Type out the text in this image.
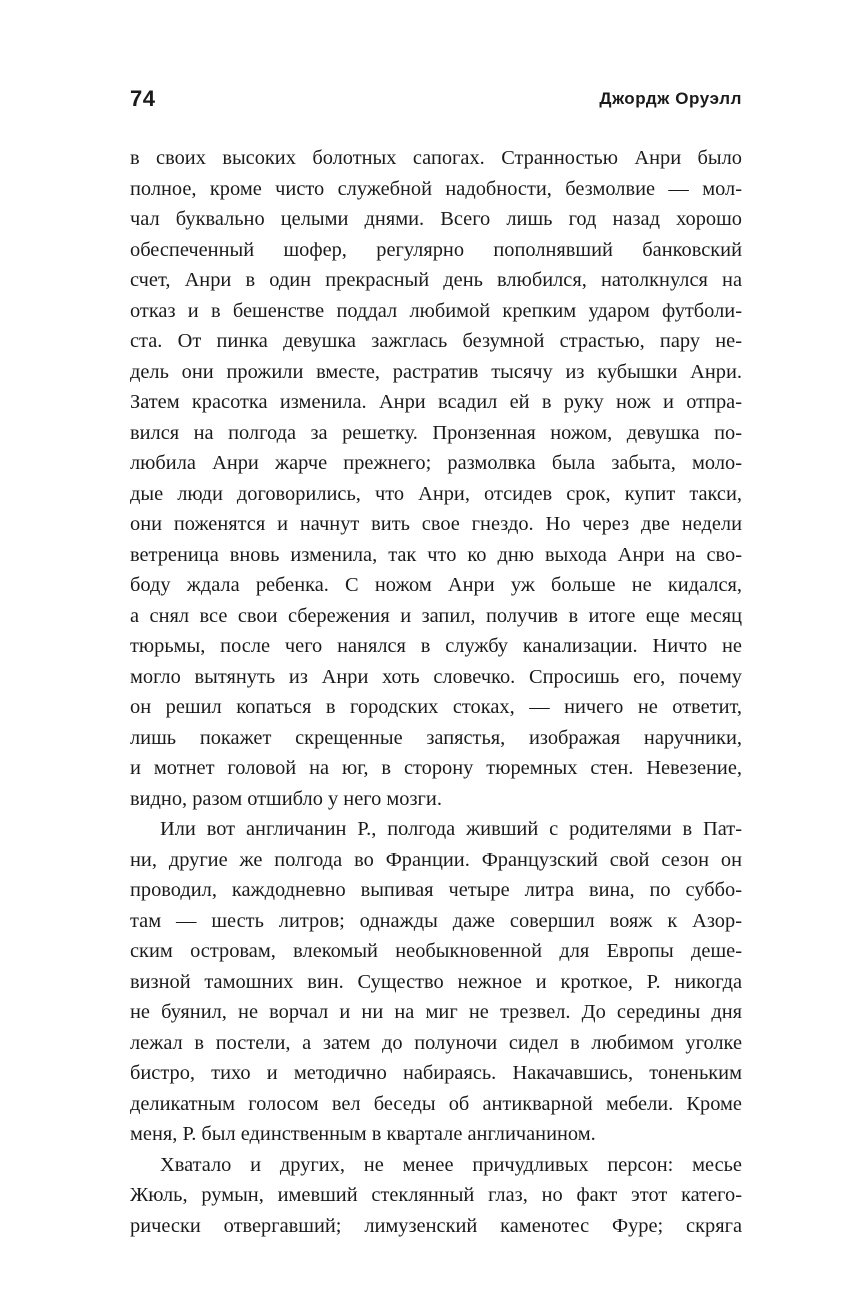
74	Джордж Оруэлл
в своих высоких болотных сапогах. Странностью Анри было
полное, кроме чисто служебной надобности, безмолвие — мол-
чал буквально целыми днями. Всего лишь год назад хорошо
обеспеченный шофер, регулярно пополнявший банковский
счет, Анри в один прекрасный день влюбился, натолкнулся на
отказ и в бешенстве поддал любимой крепким ударом футболи-
ста. От пинка девушка зажглась безумной страстью, пару не-
дель они прожили вместе, растратив тысячу из кубышки Анри.
Затем красотка изменила. Анри всадил ей в руку нож и отпра-
вился на полгода за решетку. Пронзенная ножом, девушка по-
любила Анри жарче прежнего; размолвка была забыта, моло-
дые люди договорились, что Анри, отсидев срок, купит такси,
они поженятся и начнут вить свое гнездо. Но через две недели
ветреница вновь изменила, так что ко дню выхода Анри на сво-
боду ждала ребенка. С ножом Анри уж больше не кидался,
а снял все свои сбережения и запил, получив в итоге еще месяц
тюрьмы, после чего нанялся в службу канализации. Ничто не
могло вытянуть из Анри хоть словечко. Спросишь его, почему
он решил копаться в городских стоках, — ничего не ответит,
лишь покажет скрещенные запястья, изображая наручники,
и мотнет головой на юг, в сторону тюремных стен. Невезение,
видно, разом отшибло у него мозги.
Или вот англичанин Р., полгода живший с родителями в Пат-
ни, другие же полгода во Франции. Французский свой сезон он
проводил, каждодневно выпивая четыре литра вина, по суббо-
там — шесть литров; однажды даже совершил вояж к Азор-
ским островам, влекомый необыкновенной для Европы деше-
визной тамошних вин. Существо нежное и кроткое, Р. никогда
не буянил, не ворчал и ни на миг не трезвел. До середины дня
лежал в постели, а затем до полуночи сидел в любимом уголке
бистро, тихо и методично набираясь. Накачавшись, тоненьким
деликатным голосом вел беседы об антикварной мебели. Кроме
меня, Р. был единственным в квартале англичанином.
Хватало и других, не менее причудливых персон: месье
Жюль, румын, имевший стеклянный глаз, но факт этот катего-
рически отвергавший; лимузенский каменотес Фуре; скряга
